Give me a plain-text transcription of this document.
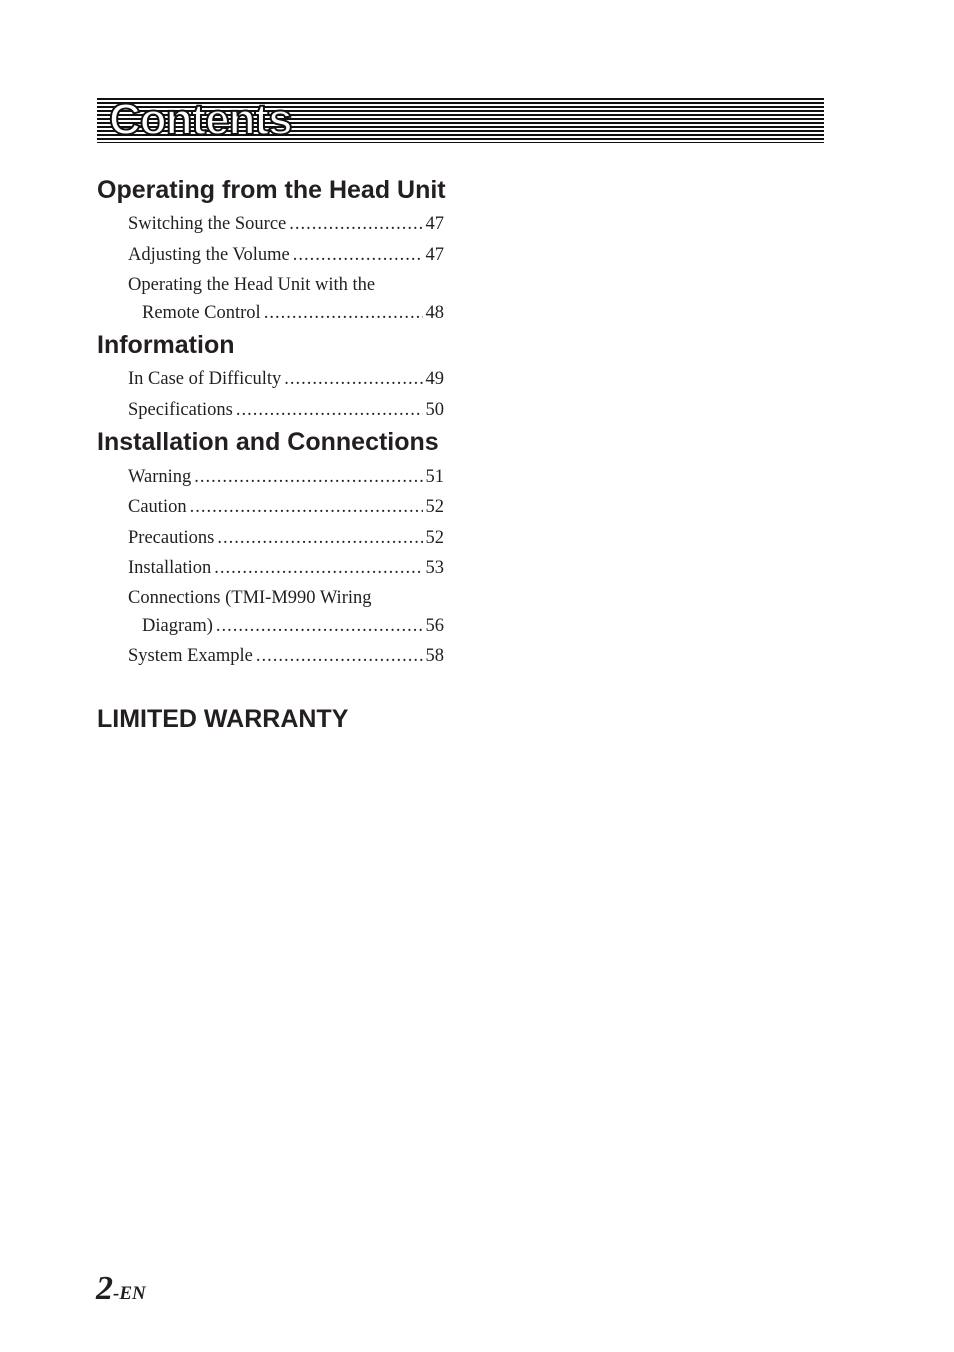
Contents
Operating from the Head Unit
Switching the Source .....	47
Adjusting the Volume .....	47
Operating the Head Unit with the
Remote Control .....	48
Information
In Case of Difficulty .....	49
Specifications .....	50
Installation and Connections
Warning .....	51
Caution .....	52
Precautions .....	52
Installation .....	53
Connections (TMI-M990 Wiring
Diagram) .....	56
System Example .....	58
LIMITED WARRANTY
2-EN
